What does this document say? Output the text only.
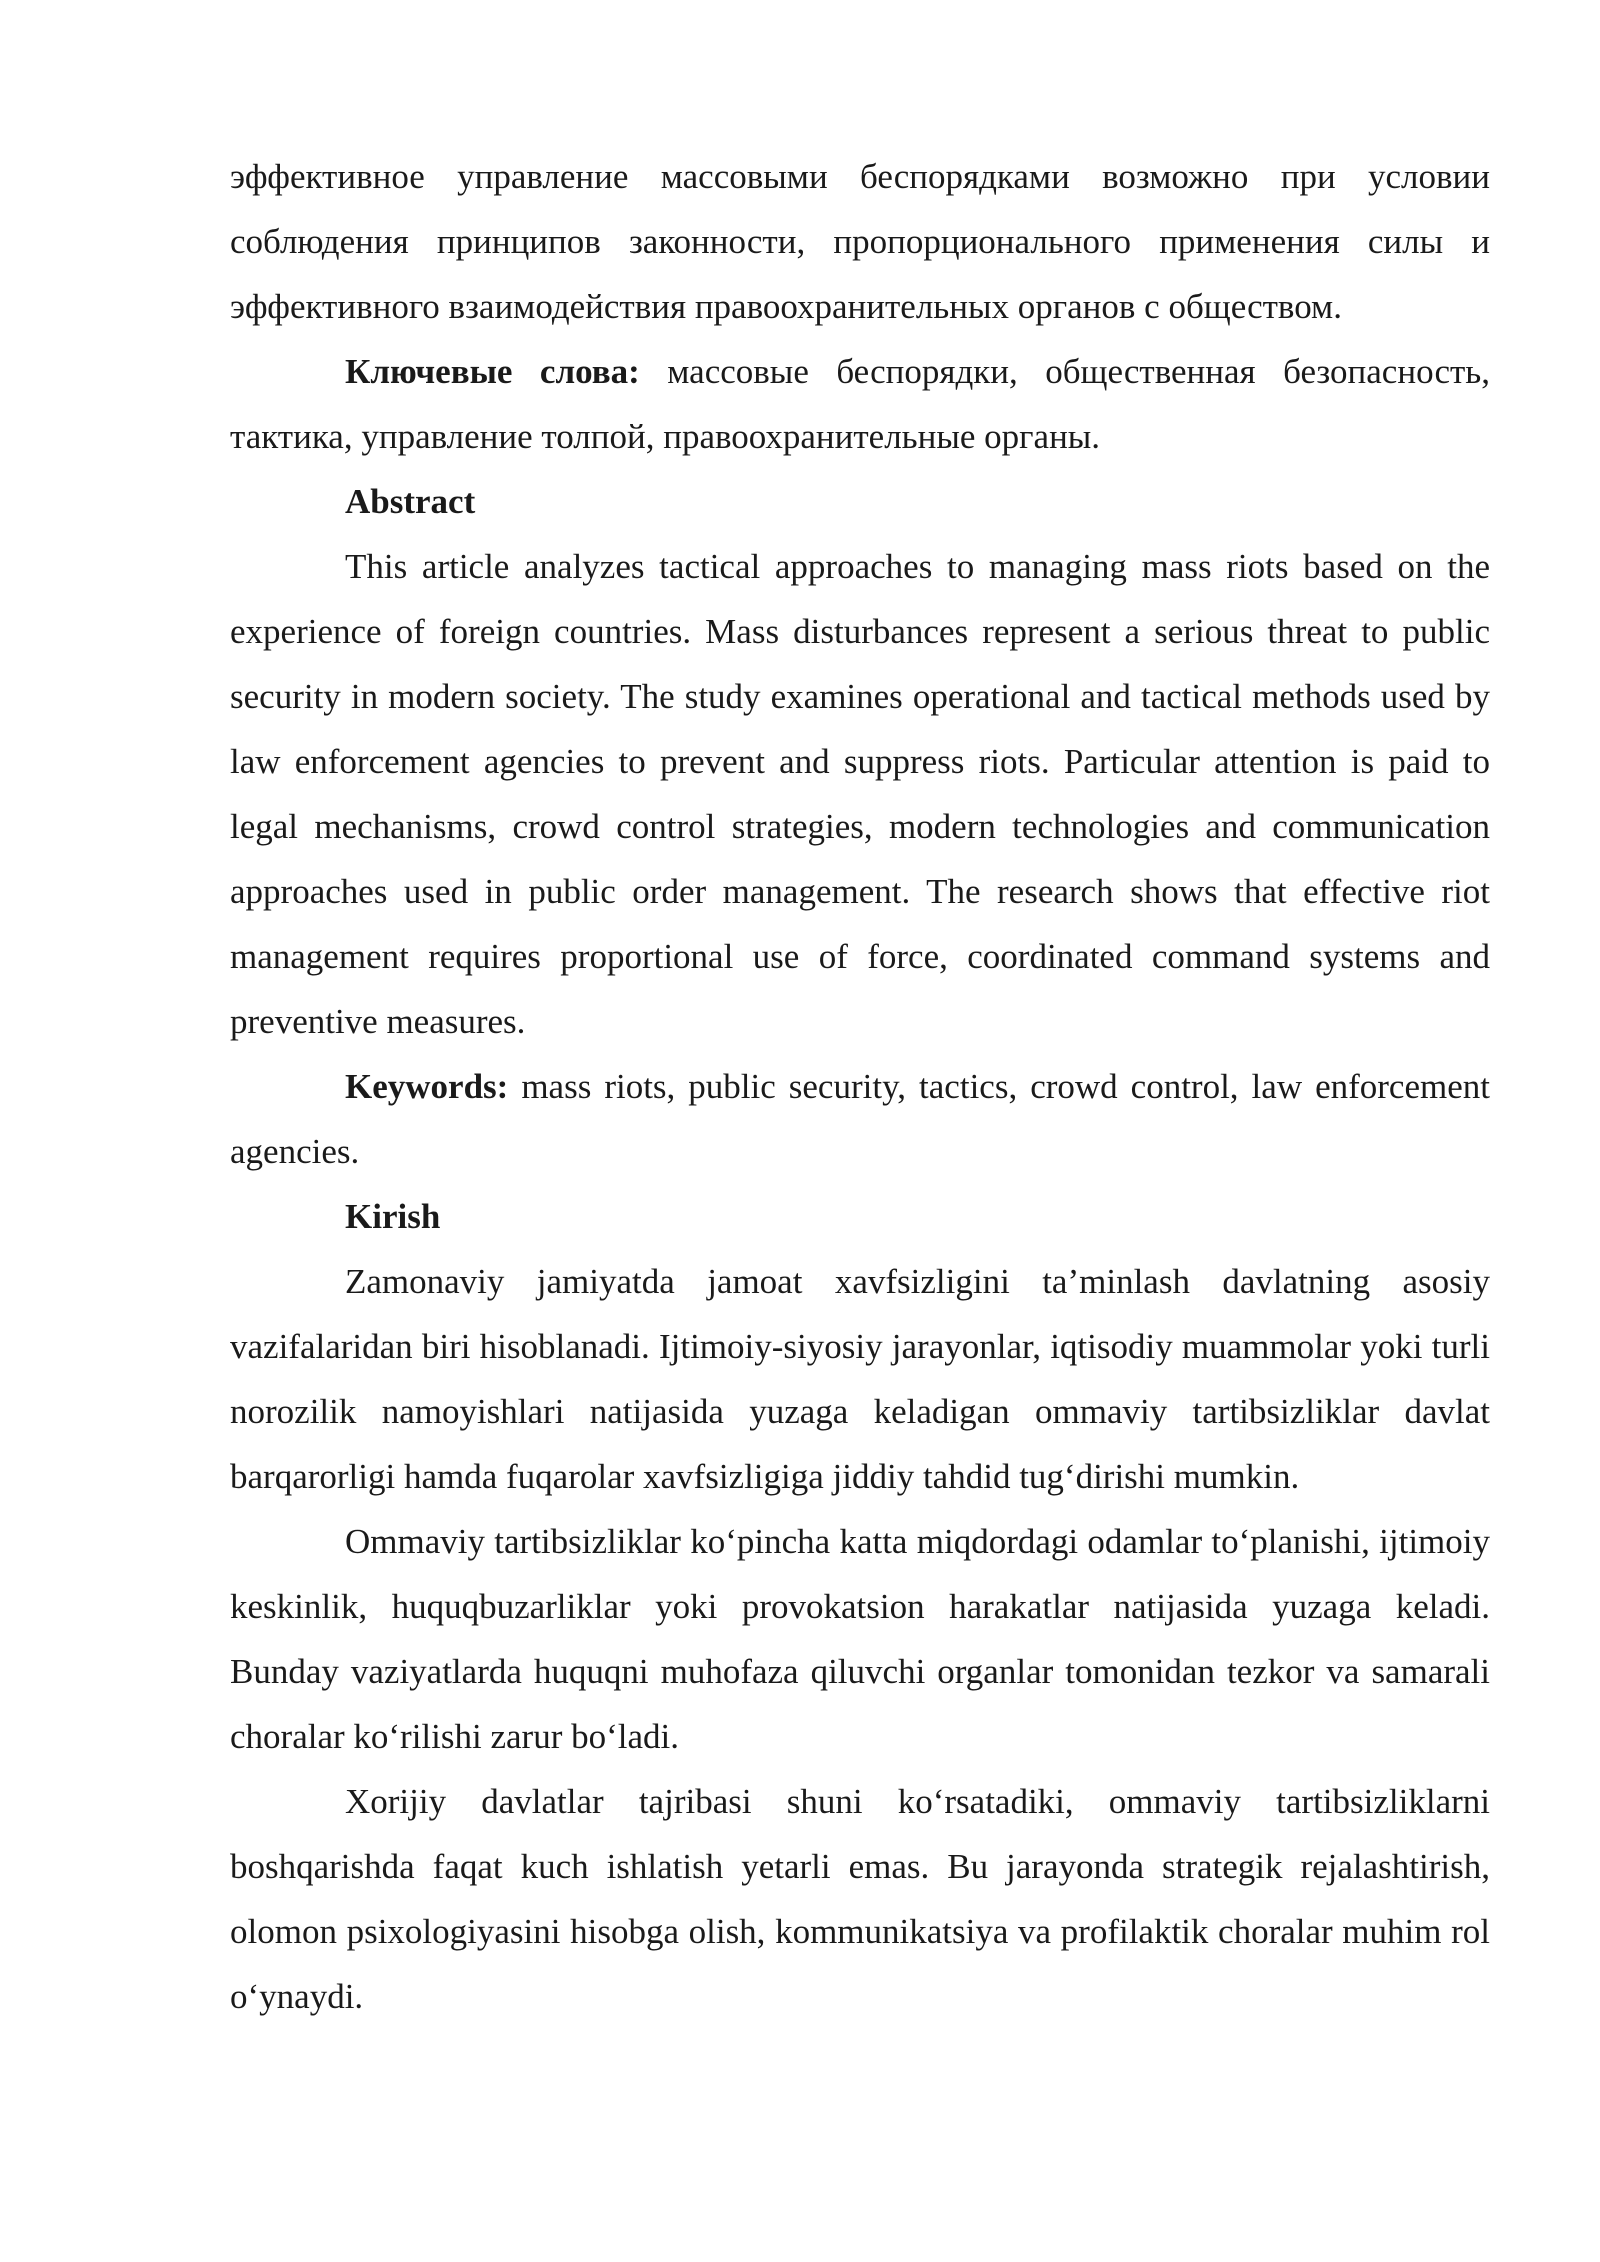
эффективное управление массовыми беспорядками возможно при условии соблюдения принципов законности, пропорционального применения силы и эффективного взаимодействия правоохранительных органов с обществом.

Ключевые слова: массовые беспорядки, общественная безопасность, тактика, управление толпой, правоохранительные органы.

Abstract

This article analyzes tactical approaches to managing mass riots based on the experience of foreign countries. Mass disturbances represent a serious threat to public security in modern society. The study examines operational and tactical methods used by law enforcement agencies to prevent and suppress riots. Particular attention is paid to legal mechanisms, crowd control strategies, modern technologies and communication approaches used in public order management. The research shows that effective riot management requires proportional use of force, coordinated command systems and preventive measures.

Keywords: mass riots, public security, tactics, crowd control, law enforcement agencies.

Kirish

Zamonaviy jamiyatda jamoat xavfsizligini ta’minlash davlatning asosiy vazifalaridan biri hisoblanadi. Ijtimoiy-siyosiy jarayonlar, iqtisodiy muammolar yoki turli norozilik namoyishlari natijasida yuzaga keladigan ommaviy tartibsizliklar davlat barqarorligi hamda fuqarolar xavfsizligiga jiddiy tahdid tug‘dirishi mumkin.

Ommaviy tartibsizliklar ko‘pincha katta miqdordagi odamlar to‘planishi, ijtimoiy keskinlik, huquqbuzarliklar yoki provokatsion harakatlar natijasida yuzaga keladi. Bunday vaziyatlarda huquqni muhofaza qiluvchi organlar tomonidan tezkor va samarali choralar ko‘rilishi zarur bo‘ladi.

Xorijiy davlatlar tajribasi shuni ko‘rsatadiki, ommaviy tartibsizliklarni boshqarishda faqat kuch ishlatish yetarli emas. Bu jarayonda strategik rejalashtirish, olomon psixologiyasini hisobga olish, kommunikatsiya va profilaktik choralar muhim rol o‘ynaydi.
